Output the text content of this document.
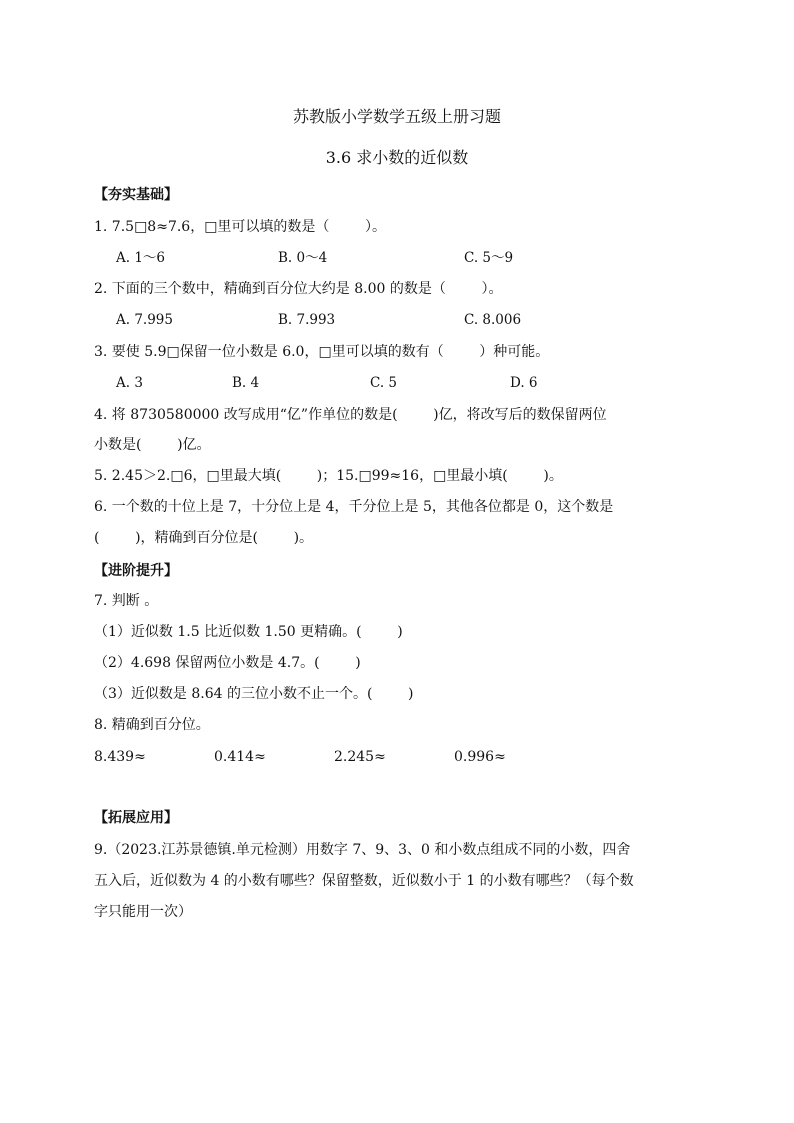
苏教版小学数学五级上册习题
3.6 求小数的近似数
【夯实基础】
1. 7.5□8≈7.6，□里可以填的数是（        ）。
A. 1～6	B. 0～4	C. 5～9
2. 下面的三个数中，精确到百分位大约是 8.00 的数是（        ）。
A. 7.995	B. 7.993	C. 8.006
3. 要使 5.9□保留一位小数是 6.0，□里可以填的数有（        ）种可能。
A. 3	B. 4	C. 5	D. 6
4. 将 8730580000 改写成用“亿”作单位的数是(        )亿，将改写后的数保留两位
小数是(        )亿。
5. 2.45＞2.□6，□里最大填(        )；15.□99≈16，□里最小填(        )。
6. 一个数的十位上是 7，十分位上是 4，千分位上是 5，其他各位都是 0，这个数是
(        )，精确到百分位是(        )。
【进阶提升】
7. 判断 。
（1）近似数 1.5 比近似数 1.50 更精确。(        )
（2）4.698 保留两位小数是 4.7。(        )
（3）近似数是 8.64 的三位小数不止一个。(        )
8. 精确到百分位。
8.439≈	0.414≈	2.245≈	0.996≈
【拓展应用】
9.（2023.江苏景德镇.单元检测）用数字 7、9、3、0 和小数点组成不同的小数，四舍
五入后，近似数为 4 的小数有哪些？保留整数，近似数小于 1 的小数有哪些？（每个数
字只能用一次）
